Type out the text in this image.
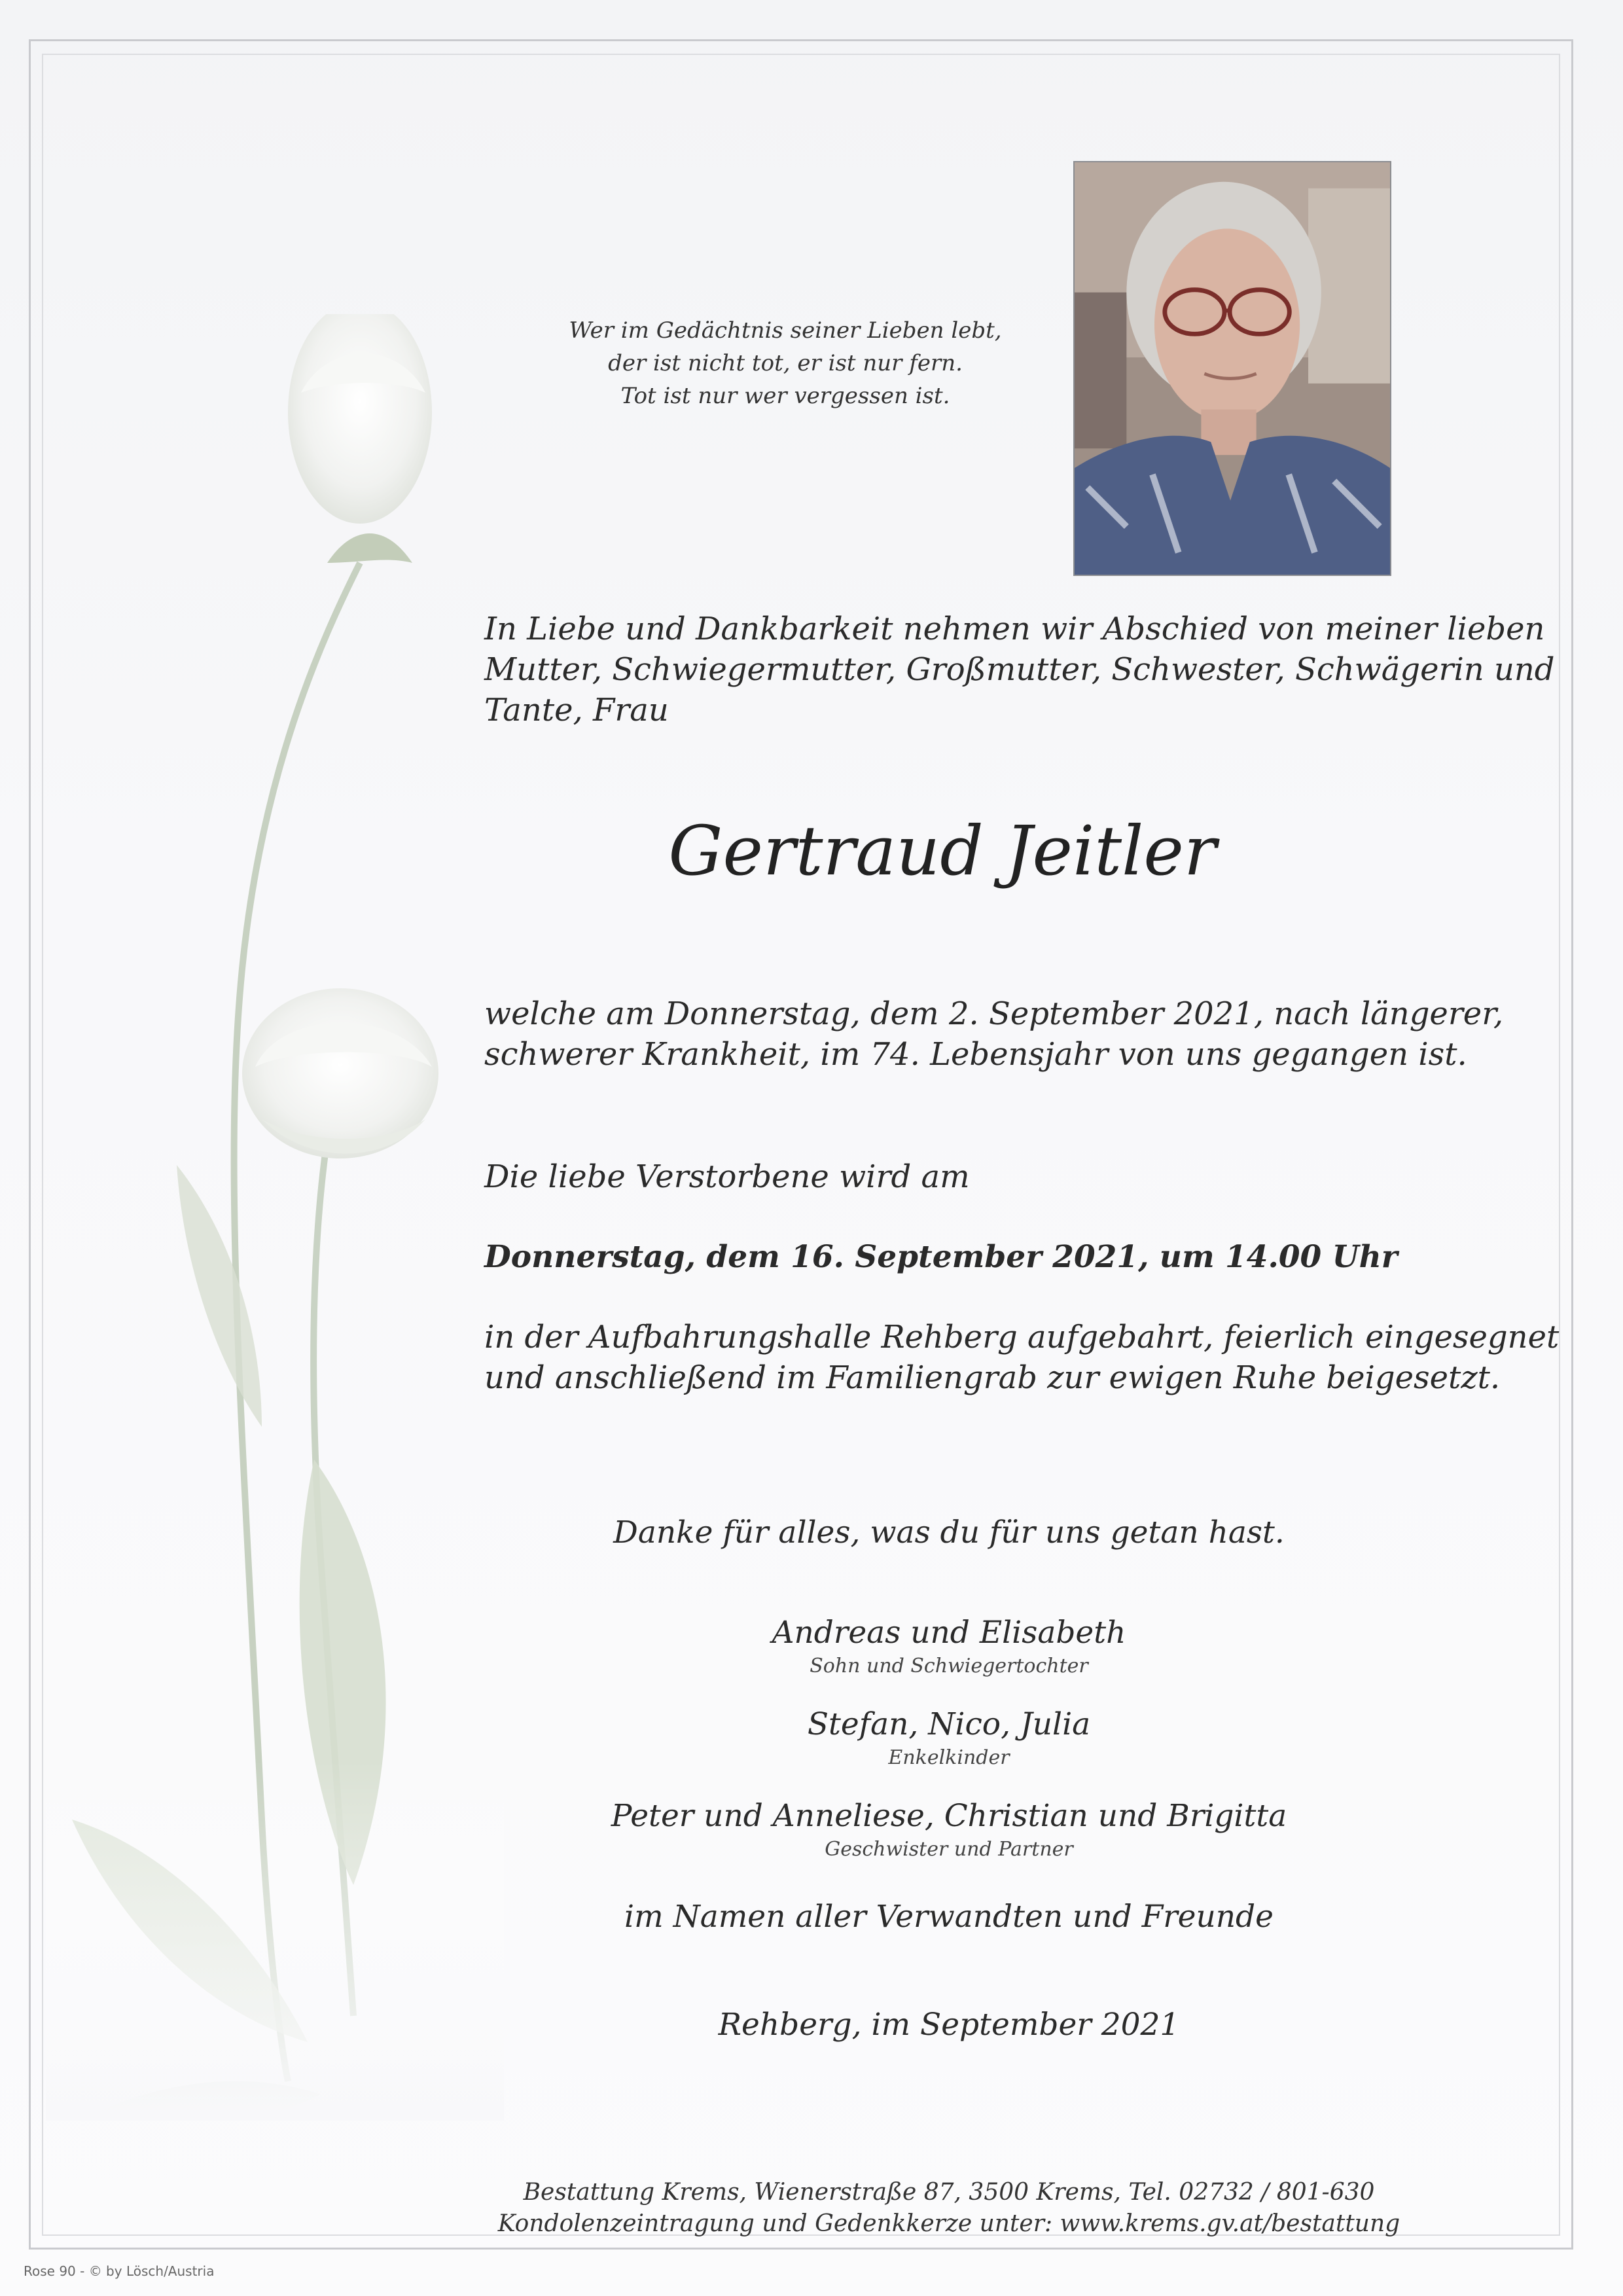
Wer im Gedächtnis seiner Lieben lebt,
der ist nicht tot, er ist nur fern.
Tot ist nur wer vergessen ist.
In Liebe und Dankbarkeit nehmen wir Abschied von meiner lieben
Mutter, Schwiegermutter, Großmutter, Schwester, Schwägerin und
Tante, Frau
Gertraud Jeitler
welche am Donnerstag, dem 2. September 2021, nach längerer,
schwerer Krankheit, im 74. Lebensjahr von uns gegangen ist.
Die liebe Verstorbene wird am
Donnerstag, dem 16. September 2021, um 14.00 Uhr
in der Aufbahrungshalle Rehberg aufgebahrt, feierlich eingesegnet
und anschließend im Familiengrab zur ewigen Ruhe beigesetzt.
Danke für alles, was du für uns getan hast.
Andreas und Elisabeth
Sohn und Schwiegertochter
Stefan, Nico, Julia
Enkelkinder
Peter und Anneliese, Christian und Brigitta
Geschwister und Partner
im Namen aller Verwandten und Freunde
Rehberg, im September 2021
Bestattung Krems, Wienerstraße 87, 3500 Krems, Tel. 02732 / 801-630
Kondolenzeintragung und Gedenkkerze unter: www.krems.gv.at/bestattung
Rose 90 - © by Lösch/Austria
